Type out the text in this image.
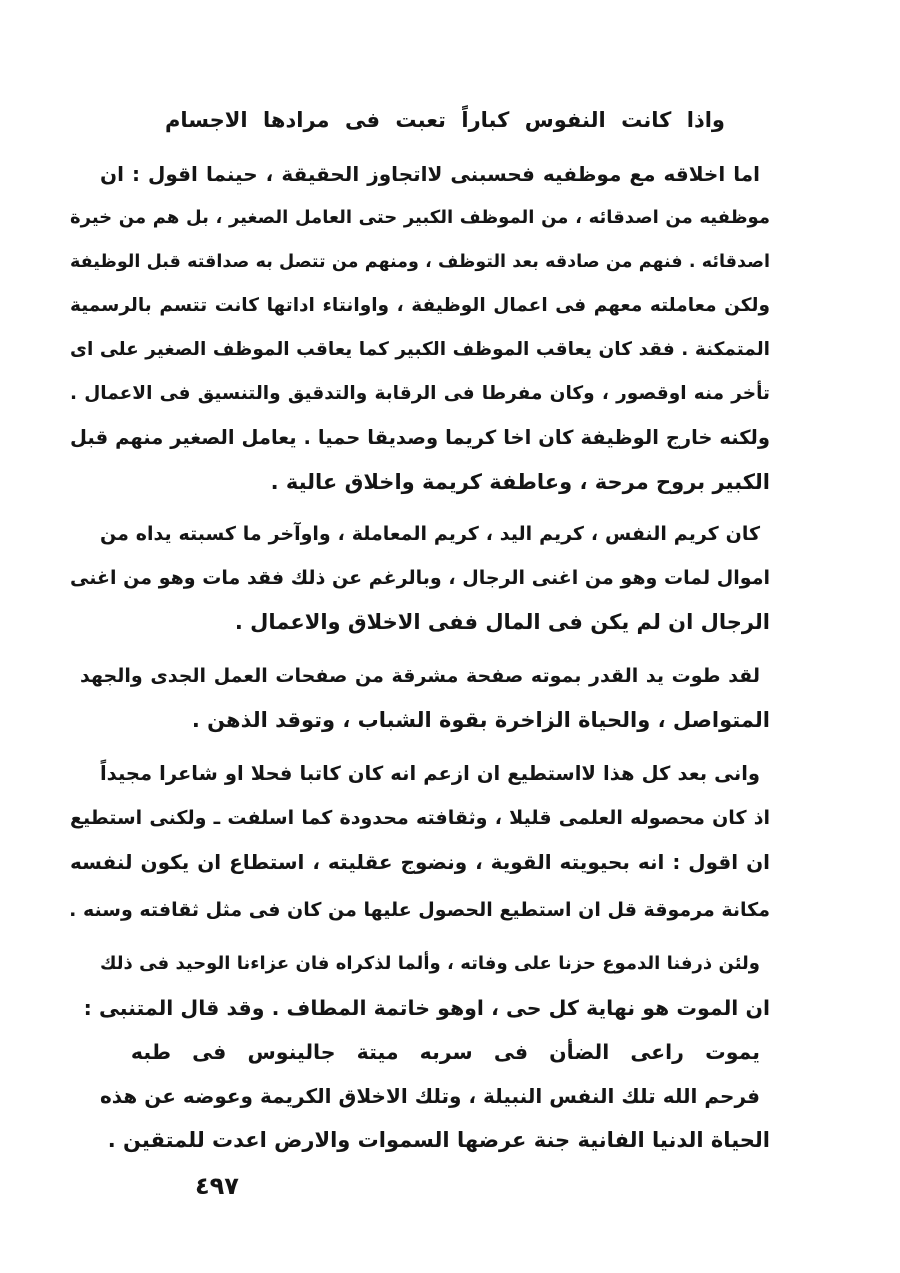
واذا كانت النفوس كباراً تعبت فى مرادها الاجسام
اما اخلاقه مع موظفيه فحسبنى لااتجاوز الحقيقة ، حينما اقول : ان
موظفيه من اصدقائه ، من الموظف الكبير حتى العامل الصغير ، بل هم من خيرة
اصدقائه . فنهم من صادقه بعد التوظف ، ومنهم من تتصل به صداقته قبل الوظيفة
ولكن معاملته معهم فى اعمال الوظيفة ، واوانتاء اداتها كانت تتسم بالرسمية
المتمكنة . فقد كان يعاقب الموظف الكبير كما يعاقب الموظف الصغير على اى
تأخر منه اوقصور ، وكان مفرطا فى الرقابة والتدقيق والتنسيق فى الاعمال .
ولكنه خارج الوظيفة كان اخا كريما وصديقا حميا . يعامل الصغير منهم قبل
الكبير بروح مرحة ، وعاطفة كريمة واخلاق عالية .
كان كريم النفس ، كريم اليد ، كريم المعاملة ، واوآخر ما كسبته يداه من
اموال لمات وهو من اغنى الرجال ، وبالرغم عن ذلك فقد مات وهو من اغنى
الرجال ان لم يكن فى المال ففى الاخلاق والاعمال .
لقد طوت يد القدر بموته صفحة مشرقة من صفحات العمل الجدى والجهد
المتواصل ، والحياة الزاخرة بقوة الشباب ، وتوقد الذهن .
وانى بعد كل هذا لااستطيع ان ازعم انه كان كاتبا فحلا او شاعرا مجيداً
اذ كان محصوله العلمى قليلا ، وثقافته محدودة كما اسلفت ـ ولكنى استطيع
ان اقول : انه بحيويته القوية ، ونضوج عقليته ، استطاع ان يكون لنفسه
مكانة مرموقة قل ان استطيع الحصول عليها من كان فى مثل ثقافته وسنه .
ولئن ذرفنا الدموع حزنا على وفاته ، وألما لذكراه فان عزاءنا الوحيد فى ذلك
ان الموت هو نهاية كل حى ، اوهو خاتمة المطاف . وقد قال المتنبى :
يموت راعى الضأن فى سربه ميتة جالينوس فى طبه
فرحم الله تلك النفس النبيلة ، وتلك الاخلاق الكريمة وعوضه عن هذه
الحياة الدنيا الفانية جنة عرضها السموات والارض اعدت للمتقين .
٤٩٧
